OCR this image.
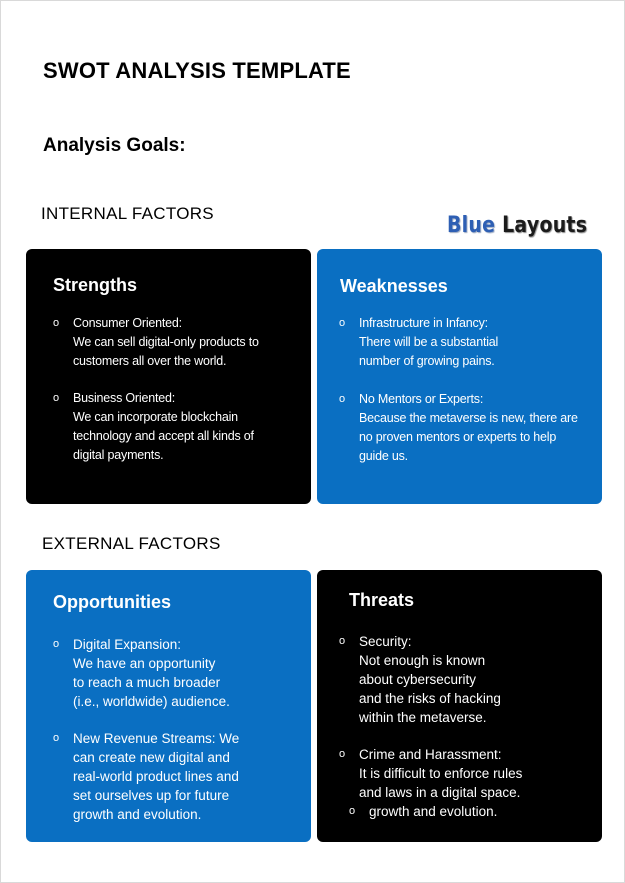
SWOT ANALYSIS TEMPLATE
Analysis Goals:
INTERNAL FACTORS	Blue Layouts
Strengths
o Consumer Oriented:
We can sell digital-only products to
customers all over the world.
o Business Oriented:
We can incorporate blockchain
technology and accept all kinds of
digital payments.
Weaknesses
o Infrastructure in Infancy:
There will be a substantial
number of growing pains.
o No Mentors or Experts:
Because the metaverse is new, there are
no proven mentors or experts to help
guide us.
EXTERNAL FACTORS
Opportunities
o Digital Expansion:
We have an opportunity
to reach a much broader
(i.e., worldwide) audience.
o New Revenue Streams: We
can create new digital and
real-world product lines and
set ourselves up for future
growth and evolution.
Threats
o Security:
Not enough is known
about cybersecurity
and the risks of hacking
within the metaverse.
o Crime and Harassment:
It is difficult to enforce rules
and laws in a digital space.
o growth and evolution.
